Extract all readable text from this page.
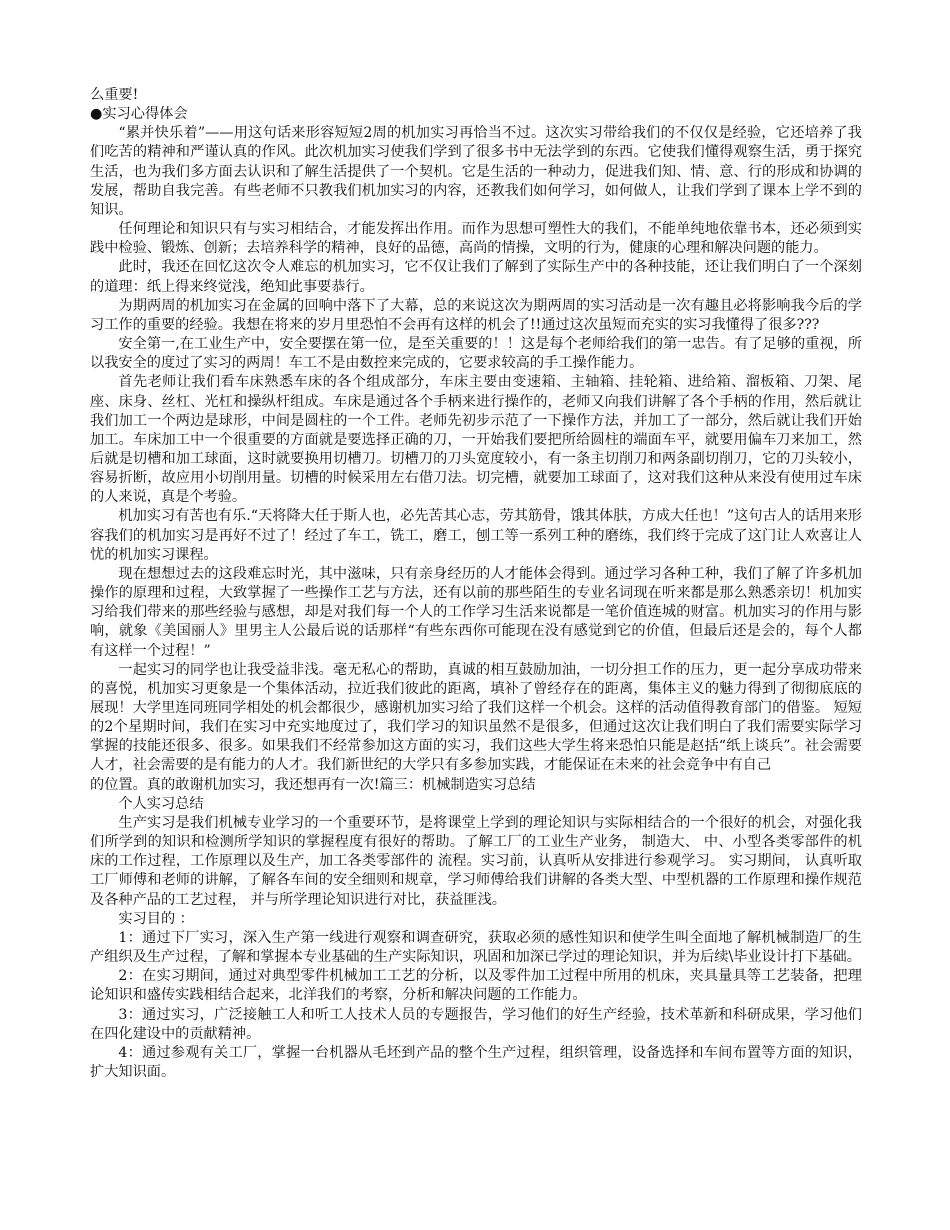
么重要!

●实习心得体会

“累并快乐着”——用这句话来形容短短2周的机加实习再恰当不过。这次实习带给我们的不仅仅是经验，它还培养了我们吃苦的精神和严谨认真的作风。此次机加实习使我们学到了很多书中无法学到的东西。它使我们懂得观察生活，勇于探究生活，也为我们多方面去认识和了解生活提供了一个契机。它是生活的一种动力，促进我们知、情、意、行的形成和协调的发展，帮助自我完善。有些老师不只教我们机加实习的内容，还教我们如何学习，如何做人，让我们学到了课本上学不到的知识。

任何理论和知识只有与实习相结合，才能发挥出作用。而作为思想可塑性大的我们，不能单纯地依靠书本，还必须到实践中检验、锻炼、创新；去培养科学的精神，良好的品德，高尚的情操，文明的行为，健康的心理和解决问题的能力。

此时，我还在回忆这次令人难忘的机加实习，它不仅让我们了解到了实际生产中的各种技能，还让我们明白了一个深刻的道理：纸上得来终觉浅，绝知此事要恭行。

为期两周的机加实习在金属的回响中落下了大幕，总的来说这次为期两周的实习活动是一次有趣且必将影响我今后的学习工作的重要的经验。我想在将来的岁月里恐怕不会再有这样的机会了!!通过这次虽短而充实的实习我懂得了很多???

安全第一,在工业生产中，安全要摆在第一位，是至关重要的！！这是每个老师给我们的第一忠告。有了足够的重视，所以我安全的度过了实习的两周！车工不是由数控来完成的，它要求较高的手工操作能力。

首先老师让我们看车床熟悉车床的各个组成部分，车床主要由变速箱、主轴箱、挂轮箱、进给箱、溜板箱、刀架、尾座、床身、丝杠、光杠和操纵杆组成。车床是通过各个手柄来进行操作的，老师又向我们讲解了各个手柄的作用，然后就让我们加工一个两边是球形，中间是圆柱的一个工件。老师先初步示范了一下操作方法，并加工了一部分，然后就让我们开始加工。车床加工中一个很重要的方面就是要选择正确的刀，一开始我们要把所给圆柱的端面车平，就要用偏车刀来加工，然后就是切槽和加工球面，这时就要换用切槽刀。切槽刀的刀头宽度较小，有一条主切削刀和两条副切削刀，它的刀头较小，容易折断，故应用小切削用量。切槽的时候采用左右借刀法。切完槽，就要加工球面了，这对我们这种从来没有使用过车床的人来说，真是个考验。

机加实习有苦也有乐.“天将降大任于斯人也，必先苦其心志，劳其筋骨，饿其体肤，方成大任也！”这句古人的话用来形容我们的机加实习是再好不过了！经过了车工，铣工，磨工，刨工等一系列工种的磨练，我们终于完成了这门让人欢喜让人忧的机加实习课程。

现在想想过去的这段难忘时光，其中滋味，只有亲身经历的人才能体会得到。通过学习各种工种，我们了解了许多机加操作的原理和过程，大致掌握了一些操作工艺与方法，还有以前的那些陌生的专业名词现在听来都是那么熟悉亲切！机加实习给我们带来的那些经验与感想，却是对我们每一个人的工作学习生活来说都是一笔价值连城的财富。机加实习的作用与影响，就象《美国丽人》里男主人公最后说的话那样“有些东西你可能现在没有感觉到它的价值，但最后还是会的，每个人都有这样一个过程！”

一起实习的同学也让我受益非浅。毫无私心的帮助，真诚的相互鼓励加油，一切分担工作的压力，更一起分享成功带来的喜悦，机加实习更象是一个集体活动，拉近我们彼此的距离，填补了曾经存在的距离，集体主义的魅力得到了彻彻底底的展现！大学里连同班同学相处的机会都很少，感谢机加实习给了我们这样一个机会。这样的活动值得教育部门的借鉴。 短短的2个星期时间，我们在实习中充实地度过了，我们学习的知识虽然不是很多，但通过这次让我们明白了我们需要实际学习掌握的技能还很多、很多。如果我们不经常参加这方面的实习，我们这些大学生将来恐怕只能是赵括“纸上谈兵”。社会需要人才，社会需要的是有能力的人才。我们新世纪的大学只有多参加实践，才能保证在未来的社会竞争中有自己

的位置。真的敢谢机加实习，我还想再有一次!篇三：机械制造实习总结

个人实习总结

生产实习是我们机械专业学习的一个重要环节，是将课堂上学到的理论知识与实际相结合的一个很好的机会，对强化我们所学到的知识和检测所学知识的掌握程度有很好的帮助。了解工厂的工业生产业务， 制造大、 中、小型各类零部件的机床的工作过程，工作原理以及生产，加工各类零部件的 流程。实习前，认真听从安排进行参观学习。 实习期间， 认真听取工厂师傅和老师的讲解，了解各车间的安全细则和规章，学习师傅给我们讲解的各类大型、中型机器的工作原理和操作规范及各种产品的工艺过程， 并与所学理论知识进行对比，获益匪浅。

实习目的 ：

1：通过下厂实习，深入生产第一线进行观察和调查研究，获取必须的感性知识和使学生叫全面地了解机械制造厂的生产组织及生产过程，了解和掌握本专业基础的生产实际知识，巩固和加深已学过的理论知识，并为后续\毕业设计打下基础。

2：在实习期间，通过对典型零件机械加工工艺的分析，以及零件加工过程中所用的机床，夹具量具等工艺装备，把理论知识和盛传实践相结合起来，北洋我们的考察，分析和解决问题的工作能力。

3：通过实习，广泛接触工人和听工人技术人员的专题报告，学习他们的好生产经验，技术革新和科研成果，学习他们在四化建设中的贡献精神。

4：通过参观有关工厂，掌握一台机器从毛坯到产品的整个生产过程，组织管理，设备选择和车间布置等方面的知识，扩大知识面。
